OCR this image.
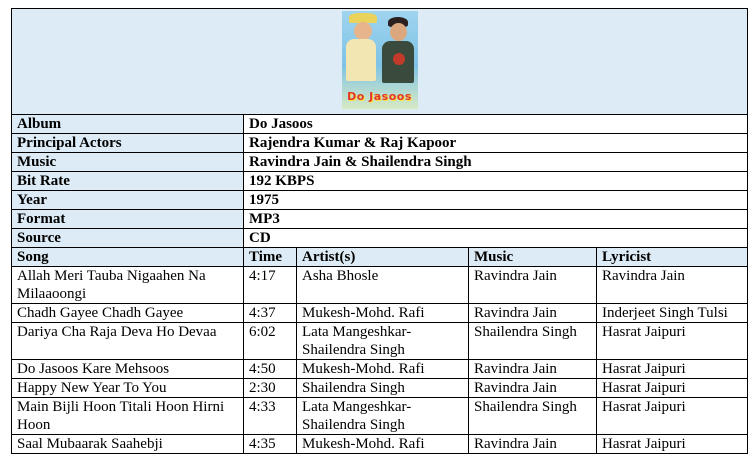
Do Jasoos				

Album	Do Jasoos			
Principal Actors	Rajendra Kumar & Raj Kapoor			
Music	Ravindra Jain & Shailendra Singh			
Bit Rate	192 KBPS			
Year	1975			
Format	MP3			
Source	CD			
Song	Time	Artist(s)	Music	Lyricist
Allah Meri Tauba Nigaahen Na Milaaoongi	4:17	Asha Bhosle	Ravindra Jain	Ravindra Jain
Chadh Gayee Chadh Gayee	4:37	Mukesh-Mohd. Rafi	Ravindra Jain	Inderjeet Singh Tulsi
Dariya Cha Raja Deva Ho Devaa	6:02	Lata Mangeshkar-Shailendra Singh	Shailendra Singh	Hasrat Jaipuri
Do Jasoos Kare Mehsoos	4:50	Mukesh-Mohd. Rafi	Ravindra Jain	Hasrat Jaipuri
Happy New Year To You	2:30	Shailendra Singh	Ravindra Jain	Hasrat Jaipuri
Main Bijli Hoon Titali Hoon Hirni Hoon	4:33	Lata Mangeshkar-Shailendra Singh	Shailendra Singh	Hasrat Jaipuri
Saal Mubaarak Saahebji	4:35	Mukesh-Mohd. Rafi	Ravindra Jain	Hasrat Jaipuri
